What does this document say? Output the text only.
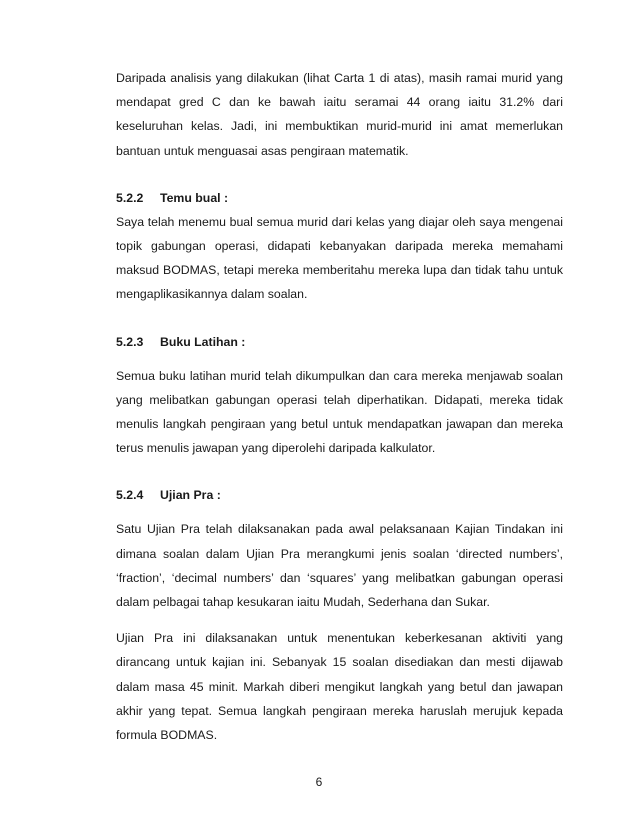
Daripada analisis yang dilakukan (lihat Carta 1 di atas), masih ramai murid yang mendapat gred C dan ke bawah iaitu seramai 44 orang iaitu 31.2% dari keseluruhan kelas. Jadi, ini membuktikan murid-murid ini amat memerlukan bantuan untuk menguasai asas pengiraan matematik.

5.2.2	Temu bual :

Saya telah menemu bual semua murid dari kelas yang diajar oleh saya mengenai topik gabungan operasi, didapati kebanyakan daripada mereka memahami maksud BODMAS, tetapi mereka memberitahu mereka lupa dan tidak tahu untuk mengaplikasikannya dalam soalan.

5.2.3	Buku Latihan :

Semua buku latihan murid telah dikumpulkan dan cara mereka menjawab soalan yang melibatkan gabungan operasi telah diperhatikan. Didapati, mereka tidak menulis langkah pengiraan yang betul untuk mendapatkan jawapan dan mereka terus menulis jawapan yang diperolehi daripada kalkulator.

5.2.4	Ujian Pra :

Satu Ujian Pra telah dilaksanakan pada awal pelaksanaan Kajian Tindakan ini dimana soalan dalam Ujian Pra merangkumi jenis soalan ‘directed numbers’, ‘fraction’, ‘decimal numbers’ dan ‘squares’ yang melibatkan gabungan operasi dalam pelbagai tahap kesukaran iaitu Mudah, Sederhana dan Sukar.

Ujian Pra ini dilaksanakan untuk menentukan keberkesanan aktiviti yang dirancang untuk kajian ini. Sebanyak 15 soalan disediakan dan mesti dijawab dalam masa 45 minit. Markah diberi mengikut langkah yang betul dan jawapan akhir yang tepat. Semua langkah pengiraan mereka haruslah merujuk kepada formula BODMAS.

6
